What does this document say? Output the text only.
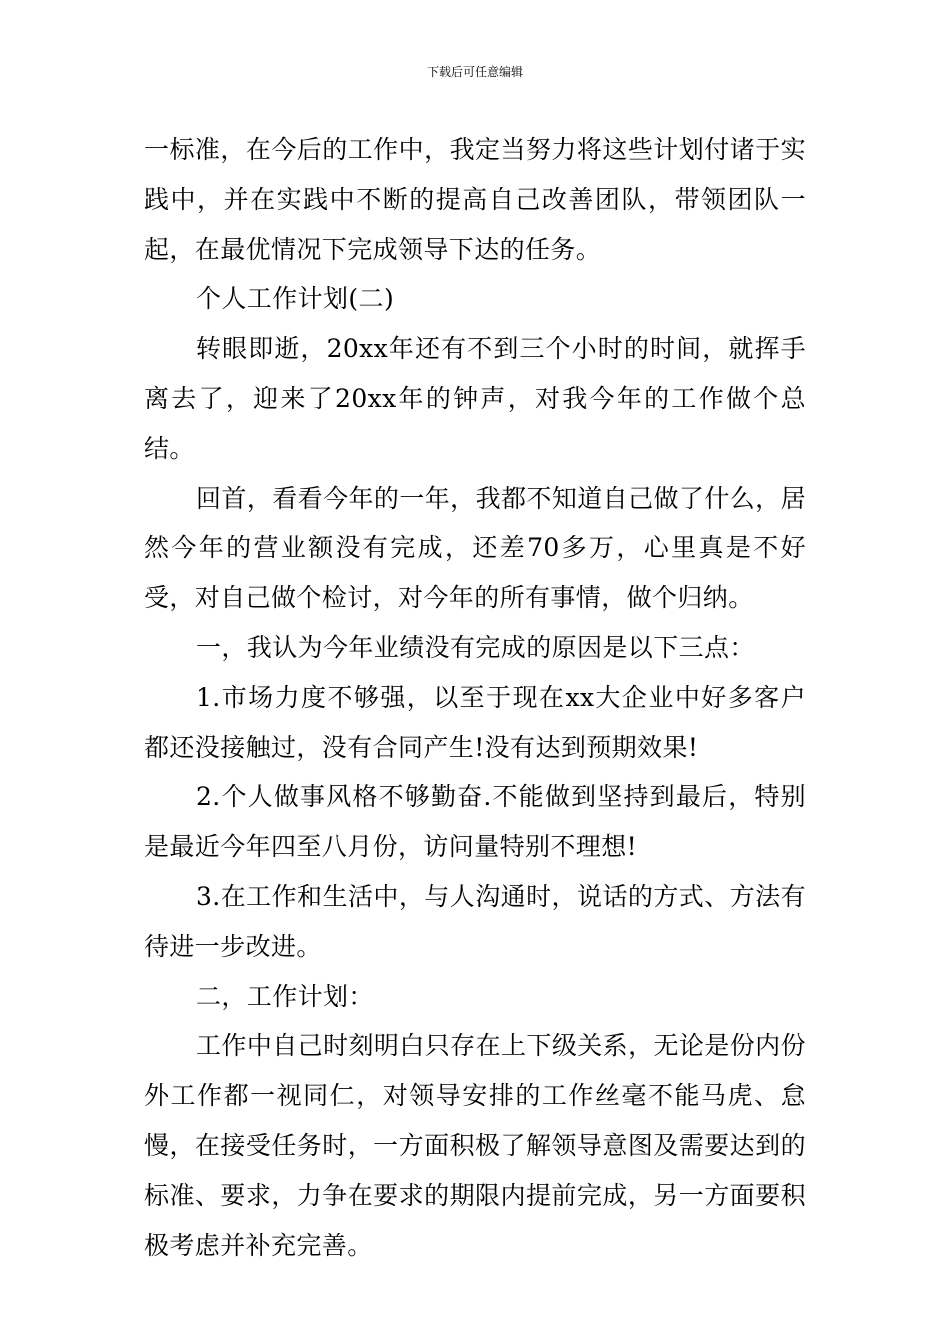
下载后可任意编辑

一标准，在今后的工作中，我定当努力将这些计划付诸于实践中，并在实践中不断的提高自己改善团队，带领团队一起，在最优情况下完成领导下达的任务。

个人工作计划(二)

转眼即逝，20xx年还有不到三个小时的时间，就挥手离去了，迎来了20xx年的钟声，对我今年的工作做个总结。

回首，看看今年的一年，我都不知道自己做了什么，居然今年的营业额没有完成，还差70多万，心里真是不好受，对自己做个检讨，对今年的所有事情，做个归纳。

一，我认为今年业绩没有完成的原因是以下三点：

1.市场力度不够强，以至于现在xx大企业中好多客户都还没接触过，没有合同产生!没有达到预期效果!

2.个人做事风格不够勤奋.不能做到坚持到最后，特别是最近今年四至八月份，访问量特别不理想!

3.在工作和生活中，与人沟通时，说话的方式、方法有待进一步改进。

二，工作计划：

工作中自己时刻明白只存在上下级关系，无论是份内份外工作都一视同仁，对领导安排的工作丝毫不能马虎、怠慢，在接受任务时，一方面积极了解领导意图及需要达到的标准、要求，力争在要求的期限内提前完成，另一方面要积极考虑并补充完善。
